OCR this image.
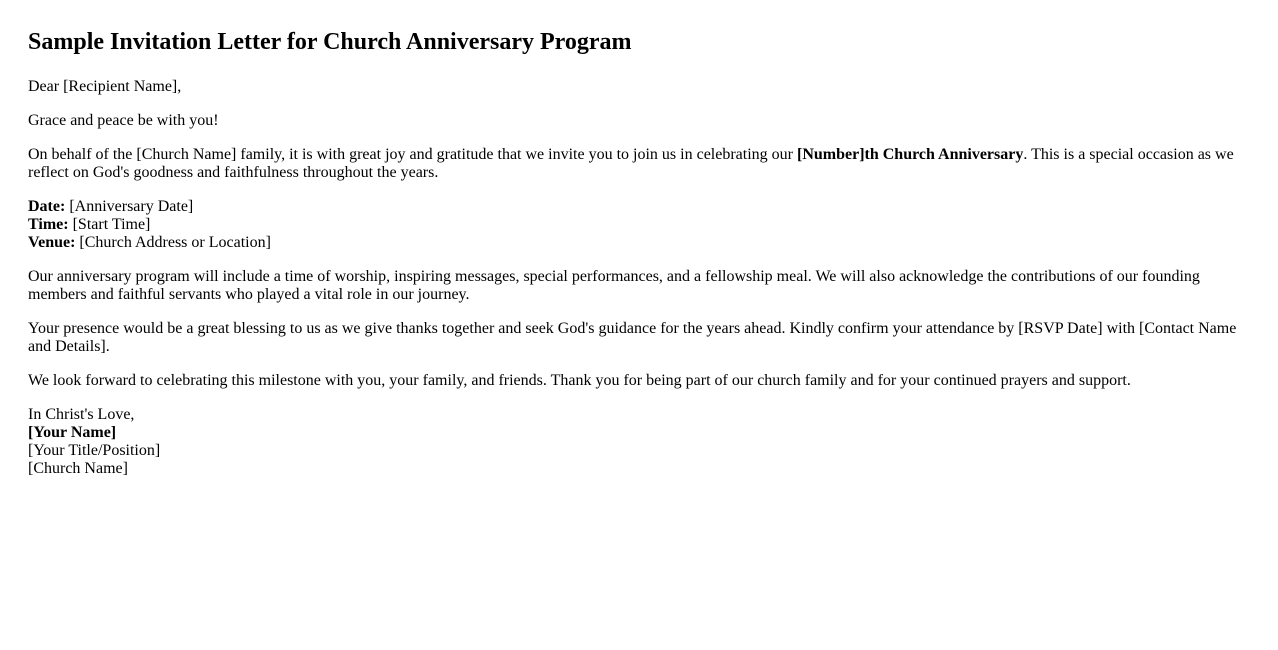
Sample Invitation Letter for Church Anniversary Program

Dear [Recipient Name],

Grace and peace be with you!

On behalf of the [Church Name] family, it is with great joy and gratitude that we invite you to join us in celebrating our [Number]th Church Anniversary. This is a special occasion as we reflect on God's goodness and faithfulness throughout the years.

Date: [Anniversary Date]
Time: [Start Time]
Venue: [Church Address or Location]

Our anniversary program will include a time of worship, inspiring messages, special performances, and a fellowship meal. We will also acknowledge the contributions of our founding members and faithful servants who played a vital role in our journey.

Your presence would be a great blessing to us as we give thanks together and seek God's guidance for the years ahead. Kindly confirm your attendance by [RSVP Date] with [Contact Name and Details].

We look forward to celebrating this milestone with you, your family, and friends. Thank you for being part of our church family and for your continued prayers and support.

In Christ's Love,
[Your Name]
[Your Title/Position]
[Church Name]
